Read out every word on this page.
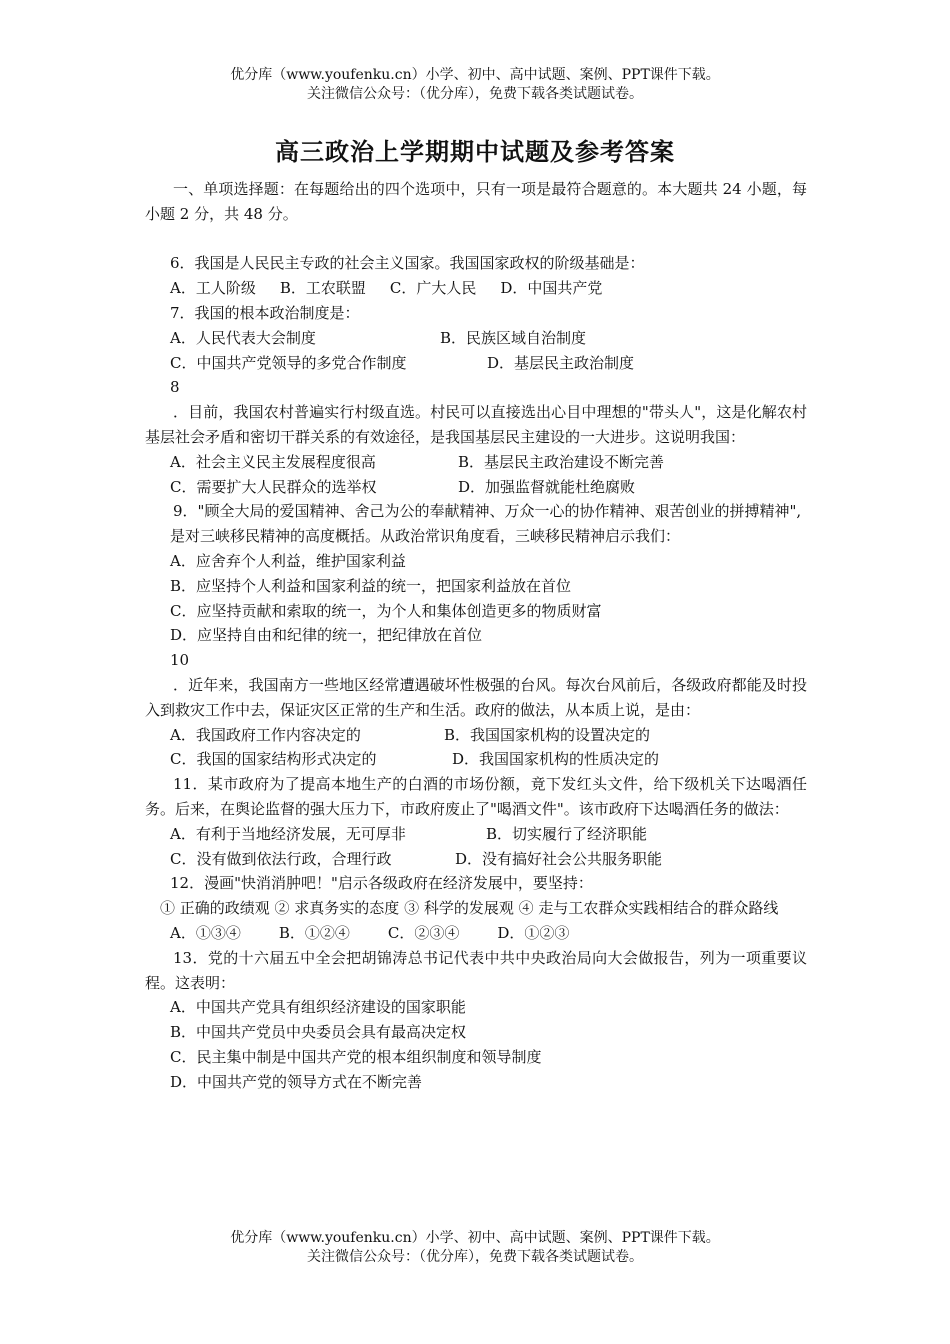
优分库（www.youfenku.cn）小学、初中、高中试题、案例、PPT课件下载。
关注微信公众号：（优分库），免费下载各类试题试卷。
高三政治上学期期中试题及参考答案

一、单项选择题：在每题给出的四个选项中，只有一项是最符合题意的。本大题共 24 小题，每小题 2 分，共 48 分。

6．我国是人民民主专政的社会主义国家。我国国家政权的阶级基础是：

A．工人阶级 B．工农联盟 C．广大人民 D．中国共产党

7．我国的根本政治制度是：

A．人民代表大会制度	B．民族区域自治制度

C．中国共产党领导的多党合作制度	D．基层民主政治制度

8

．目前，我国农村普遍实行村级直选。村民可以直接选出心目中理想的"带头人"，这是化解农村基层社会矛盾和密切干群关系的有效途径，是我国基层民主建设的一大进步。这说明我国：

A．社会主义民主发展程度很高	B．基层民主政治建设不断完善

C．需要扩大人民群众的选举权	D．加强监督就能杜绝腐败

9．"顾全大局的爱国精神、舍己为公的奉献精神、万众一心的协作精神、艰苦创业的拼搏精神",

是对三峡移民精神的高度概括。从政治常识角度看，三峡移民精神启示我们：

A．应舍弃个人利益，维护国家利益

B．应坚持个人利益和国家利益的统一，把国家利益放在首位

C．应坚持贡献和索取的统一，为个人和集体创造更多的物质财富

D．应坚持自由和纪律的统一，把纪律放在首位

10

．近年来，我国南方一些地区经常遭遇破坏性极强的台风。每次台风前后，各级政府都能及时投入到救灾工作中去，保证灾区正常的生产和生活。政府的做法，从本质上说，是由：

A．我国政府工作内容决定的	B．我国国家机构的设置决定的

C．我国的国家结构形式决定的	D．我国国家机构的性质决定的

11．某市政府为了提高本地生产的白酒的市场份额，竟下发红头文件，给下级机关下达喝酒任务。后来，在舆论监督的强大压力下，市政府废止了"喝酒文件"。该市政府下达喝酒任务的做法：

A．有利于当地经济发展，无可厚非	B．切实履行了经济职能

C．没有做到依法行政，合理行政	D．没有搞好社会公共服务职能

12．漫画"快消消肿吧！"启示各级政府在经济发展中，要坚持：

① 正确的政绩观 ② 求真务实的态度 ③ 科学的发展观 ④ 走与工农群众实践相结合的群众路线

A．①③④	B．①②④	C．②③④	D．①②③

13．党的十六届五中全会把胡锦涛总书记代表中共中央政治局向大会做报告，列为一项重要议程。这表明：

A．中国共产党具有组织经济建设的国家职能

B．中国共产党员中央委员会具有最高决定权

C．民主集中制是中国共产党的根本组织制度和领导制度

D．中国共产党的领导方式在不断完善

优分库（www.youfenku.cn）小学、初中、高中试题、案例、PPT课件下载。
关注微信公众号：（优分库），免费下载各类试题试卷。
